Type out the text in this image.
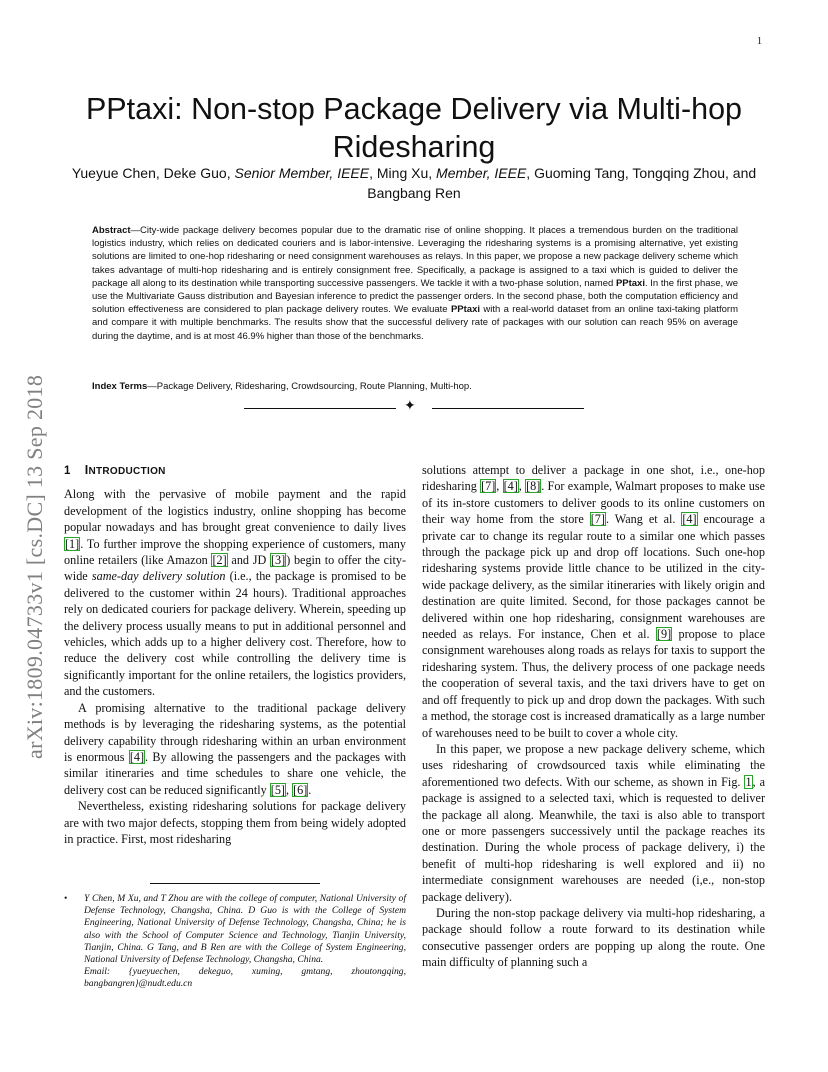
1
arXiv:1809.04733v1 [cs.DC] 13 Sep 2018
PPtaxi: Non-stop Package Delivery via Multi-hop Ridesharing
Yueyue Chen, Deke Guo, Senior Member, IEEE, Ming Xu, Member, IEEE, Guoming Tang, Tongqing Zhou, and Bangbang Ren
Abstract—City-wide package delivery becomes popular due to the dramatic rise of online shopping. It places a tremendous burden on the traditional logistics industry, which relies on dedicated couriers and is labor-intensive. Leveraging the ridesharing systems is a promising alternative, yet existing solutions are limited to one-hop ridesharing or need consignment warehouses as relays. In this paper, we propose a new package delivery scheme which takes advantage of multi-hop ridesharing and is entirely consignment free. Specifically, a package is assigned to a taxi which is guided to deliver the package all along to its destination while transporting successive passengers. We tackle it with a two-phase solution, named PPtaxi. In the first phase, we use the Multivariate Gauss distribution and Bayesian inference to predict the passenger orders. In the second phase, both the computation efficiency and solution effectiveness are considered to plan package delivery routes. We evaluate PPtaxi with a real-world dataset from an online taxi-taking platform and compare it with multiple benchmarks. The results show that the successful delivery rate of packages with our solution can reach 95% on average during the daytime, and is at most 46.9% higher than those of the benchmarks.
Index Terms—Package Delivery, Ridesharing, Crowdsourcing, Route Planning, Multi-hop.
✦
1 INTRODUCTION

Along with the pervasive of mobile payment and the rapid development of the logistics industry, online shopping has become popular nowadays and has brought great convenience to daily lives [1]. To further improve the shopping experience of customers, many online retailers (like Amazon [2] and JD [3]) begin to offer the city-wide same-day delivery solution (i.e., the package is promised to be delivered to the customer within 24 hours). Traditional approaches rely on dedicated couriers for package delivery. Wherein, speeding up the delivery process usually means to put in additional personnel and vehicles, which adds up to a higher delivery cost. Therefore, how to reduce the delivery cost while controlling the delivery time is significantly important for the online retailers, the logistics providers, and the customers.

A promising alternative to the traditional package delivery methods is by leveraging the ridesharing systems, as the potential delivery capability through ridesharing within an urban environment is enormous [4]. By allowing the passengers and the packages with similar itineraries and time schedules to share one vehicle, the delivery cost can be reduced significantly [5], [6].

Nevertheless, existing ridesharing solutions for package delivery are with two major defects, stopping them from being widely adopted in practice. First, most ridesharing

• Y Chen, M Xu, and T Zhou are with the college of computer, National University of Defense Technology, Changsha, China. D Guo is with the College of System Engineering, National University of Defense Technology, Changsha, China; he is also with the School of Computer Science and Technology, Tianjin University, Tianjin, China. G Tang, and B Ren are with the College of System Engineering, National University of Defense Technology, Changsha, China.
Email: {yueyuechen, dekeguo, xuming, gmtang, zhoutongqing, bangbangren}@nudt.edu.cn

solutions attempt to deliver a package in one shot, i.e., one-hop ridesharing [7], [4], [8]. For example, Walmart proposes to make use of its in-store customers to deliver goods to its online customers on their way home from the store [7]. Wang et al. [4] encourage a private car to change its regular route to a similar one which passes through the package pick up and drop off locations. Such one-hop ridesharing systems provide little chance to be utilized in the city-wide package delivery, as the similar itineraries with likely origin and destination are quite limited. Second, for those packages cannot be delivered within one hop ridesharing, consignment warehouses are needed as relays. For instance, Chen et al. [9] propose to place consignment warehouses along roads as relays for taxis to support the ridesharing system. Thus, the delivery process of one package needs the cooperation of several taxis, and the taxi drivers have to get on and off frequently to pick up and drop down the packages. With such a method, the storage cost is increased dramatically as a large number of warehouses need to be built to cover a whole city.

In this paper, we propose a new package delivery scheme, which uses ridesharing of crowdsourced taxis while eliminating the aforementioned two defects. With our scheme, as shown in Fig. 1, a package is assigned to a selected taxi, which is requested to deliver the package all along. Meanwhile, the taxi is also able to transport one or more passengers successively until the package reaches its destination. During the whole process of package delivery, i) the benefit of multi-hop ridesharing is well explored and ii) no intermediate consignment warehouses are needed (i,e., non-stop package delivery).

During the non-stop package delivery via multi-hop ridesharing, a package should follow a route forward to its destination while consecutive passenger orders are popping up along the route. One main difficulty of planning such a
